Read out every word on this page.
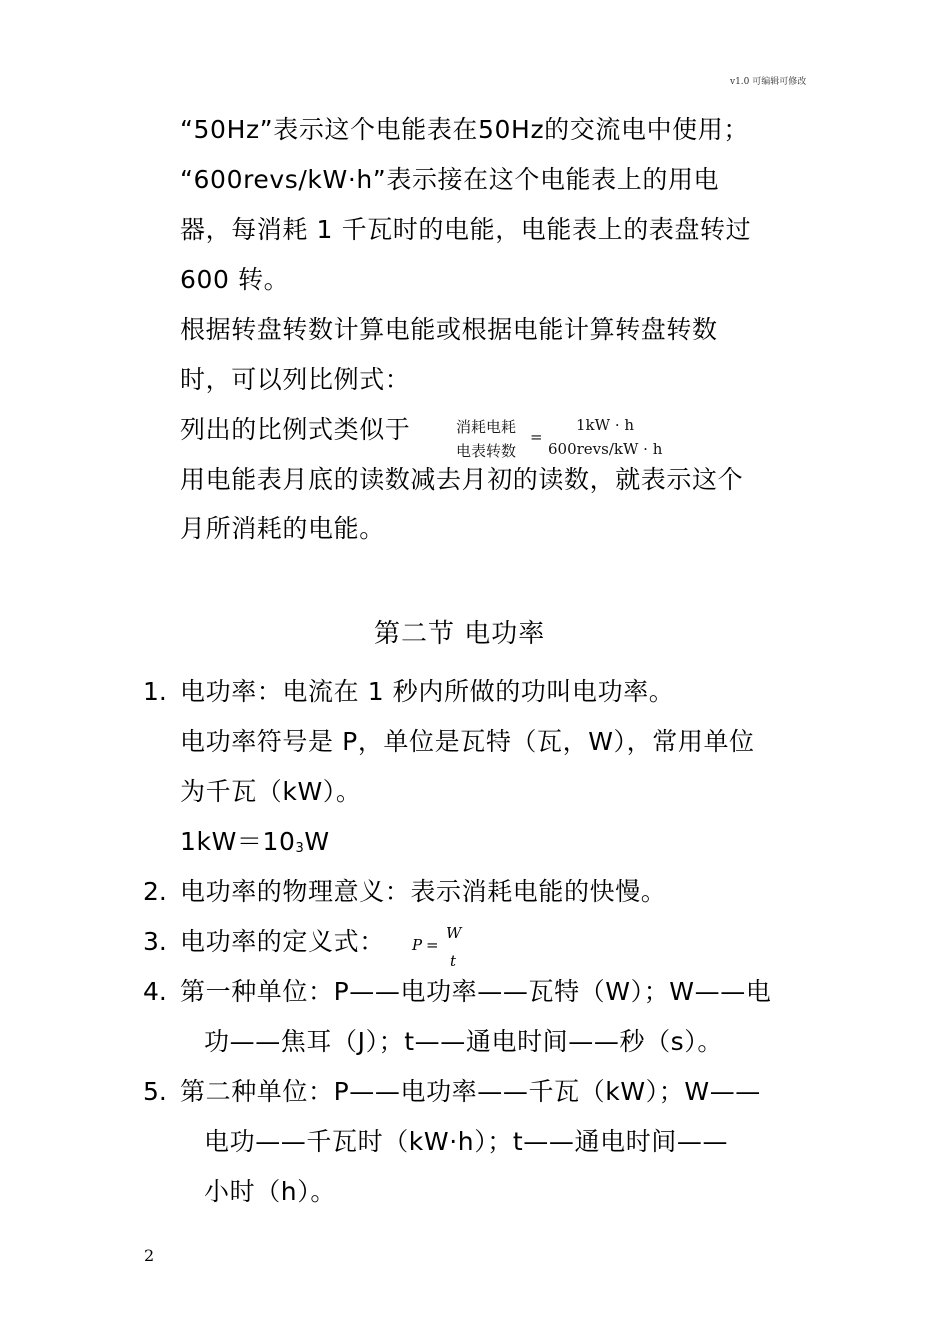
v1.0 可编辑可修改
“50Hz”表示这个电能表在50Hz的交流电中使用；
“600revs/kW·h”表示接在这个电能表上的用电
器，每消耗 1 千瓦时的电能，电能表上的表盘转过
600 转。
根据转盘转数计算电能或根据电能计算转盘转数
时，可以列比例式：
列出的比例式类似于	消耗电耗
电表转数
=
1kW · h
600revs/kW · h
用电能表月底的读数减去月初的读数，就表示这个
月所消耗的电能。
第二节 电功率
1. 电功率：电流在 1 秒内所做的功叫电功率。
电功率符号是 P，单位是瓦特（瓦，W），常用单位
为千瓦（kW）。
$1kW=10^3W$
2. 电功率的物理意义：表示消耗电能的快慢。
3. 电功率的定义式： P =
W
t
4. 第一种单位：P——电功率——瓦特（W）；W——电
功——焦耳（J）；t——通电时间——秒（s）。
5. 第二种单位：P——电功率——千瓦（kW）；W——
电功——千瓦时（kW·h）；t——通电时间——
小时（h）。
2
